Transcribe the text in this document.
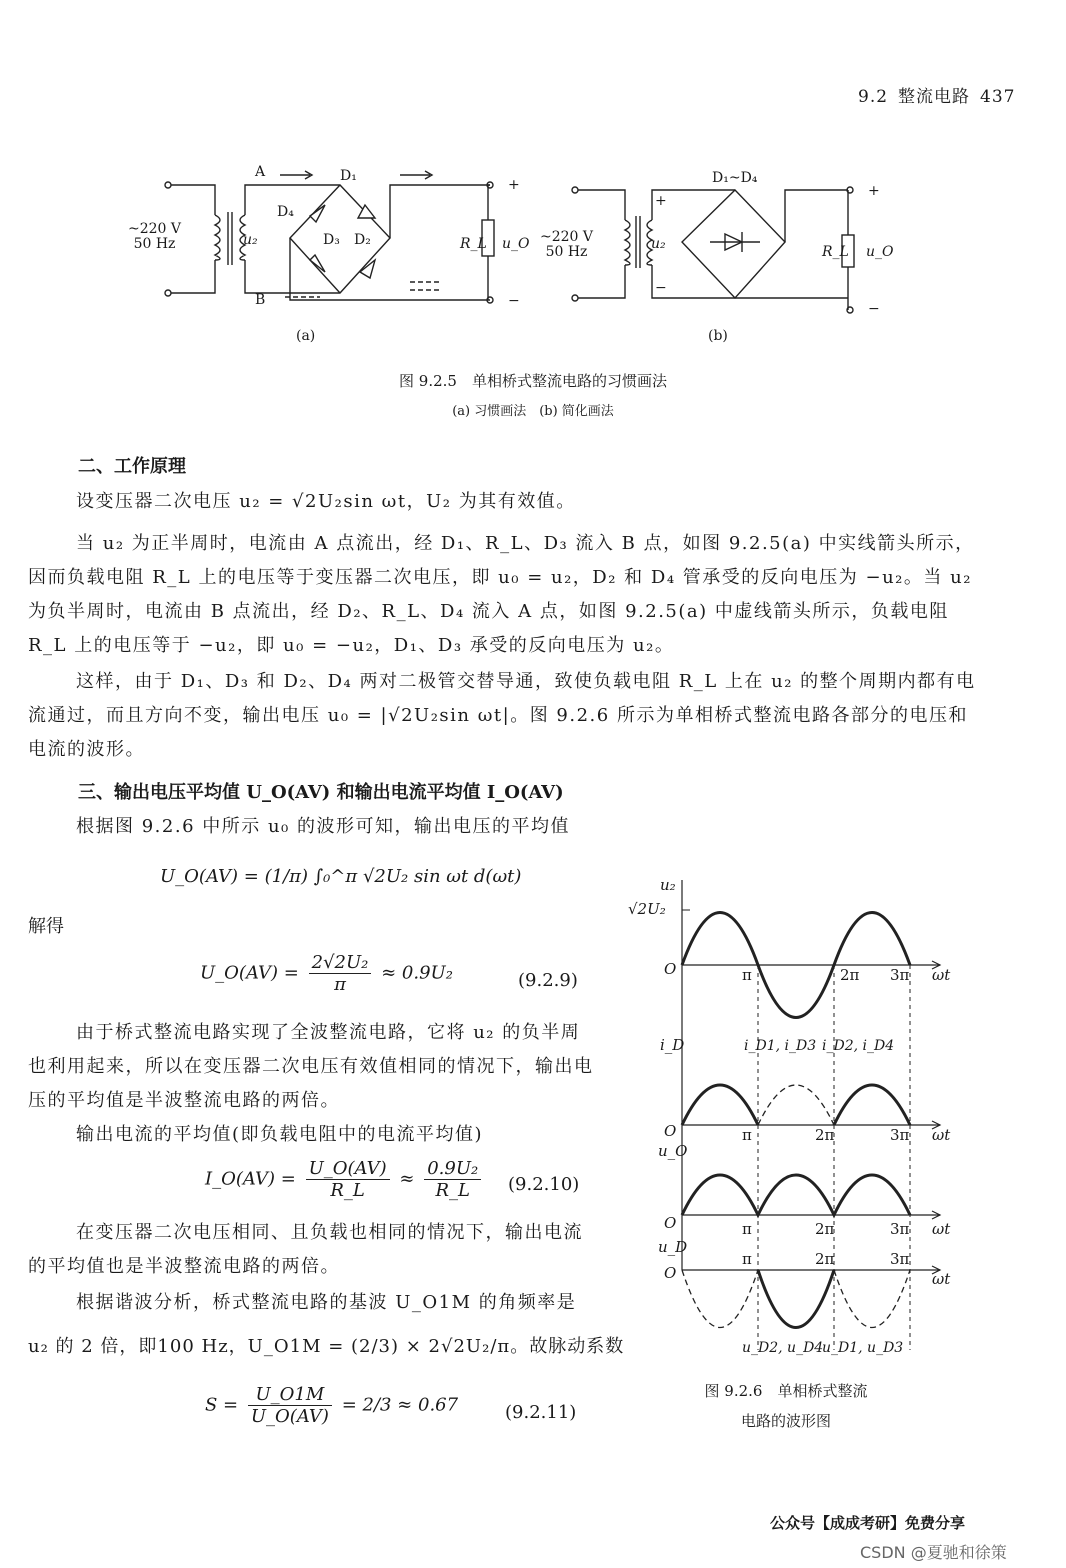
9.2 整流电路 437
~220 V
50 Hz	u₂
A
B
D₁
D₄
D₃ D₂	R_L u_O
+
−
(a)
~220 V
50 Hz	u₂
+
−
D₁~D₄
R_L u_O
+
−
(b)
图 9.2.5　单相桥式整流电路的习惯画法
(a) 习惯画法　(b) 简化画法
二、工作原理
设变压器二次电压 u₂ = √2U₂sin ωt，U₂ 为其有效值。
当 u₂ 为正半周时，电流由 A 点流出，经 D₁、R_L、D₃ 流入 B 点，如图 9.2.5(a) 中实线箭头所示，因而负载电阻 R_L 上的电压等于变压器二次电压，即 u₀ = u₂，D₂ 和 D₄ 管承受的反向电压为 −u₂。当 u₂ 为负半周时，电流由 B 点流出，经 D₂、R_L、D₄ 流入 A 点，如图 9.2.5(a) 中虚线箭头所示，负载电阻 R_L 上的电压等于 −u₂，即 u₀ = −u₂，D₁、D₃ 承受的反向电压为 u₂。
这样，由于 D₁、D₃ 和 D₂、D₄ 两对二极管交替导通，致使负载电阻 R_L 上在 u₂ 的整个周期内都有电流通过，而且方向不变，输出电压 u₀ = |√2U₂sin ωt|。图 9.2.6 所示为单相桥式整流电路各部分的电压和电流的波形。
三、输出电压平均值 U_O(AV) 和输出电流平均值 I_O(AV)
根据图 9.2.6 中所示 u₀ 的波形可知，输出电压的平均值
U_O(AV) = (1/π) ∫₀^π √2U₂ sin ωt d(ωt)
解得
U_O(AV) = $\frac{\text{2√2U₂}}{\pi} \approx 0.9U_2$	(9.2.9)
由于桥式整流电路实现了全波整流电路，它将 u₂ 的负半周也利用起来，所以在变压器二次电压有效值相同的情况下，输出电压的平均值是半波整流电路的两倍。
输出电流的平均值(即负载电阻中的电流平均值)
I_O(AV) = $\frac{U\_O(AV)}{R\_L} \approx \frac{\text{0.9U₂}}{R\_L} (9.2.10)$
在变压器二次电压相同、且负载也相同的情况下，输出电流的平均值也是半波整流电路的两倍。
根据谐波分析，桥式整流电路的基波 U_O1M 的角频率是
u₂ 的 2 倍，即100 Hz，U_O1M = (2/3) × 2√2U₂/π。故脉动系数
$S = \frac{U\_O1M}{U\_O(AV)} = 2/3 \approx 0.67$	(9.2.11)
u₂
√2U₂
O	π	2π 3π ωt
i_D	i_D1, i_D3 i_D2, i_D4
O	π	2π	3π ωt
u_O
O	π	2π	3π ωt
u_D
π	2π	3π
O	ωt
u_D2, u_D4
u_D1, u_D3
图 9.2.6　单相桥式整流
电路的波形图
公众号【成成考研】免费分享
CSDN @夏驰和徐策
